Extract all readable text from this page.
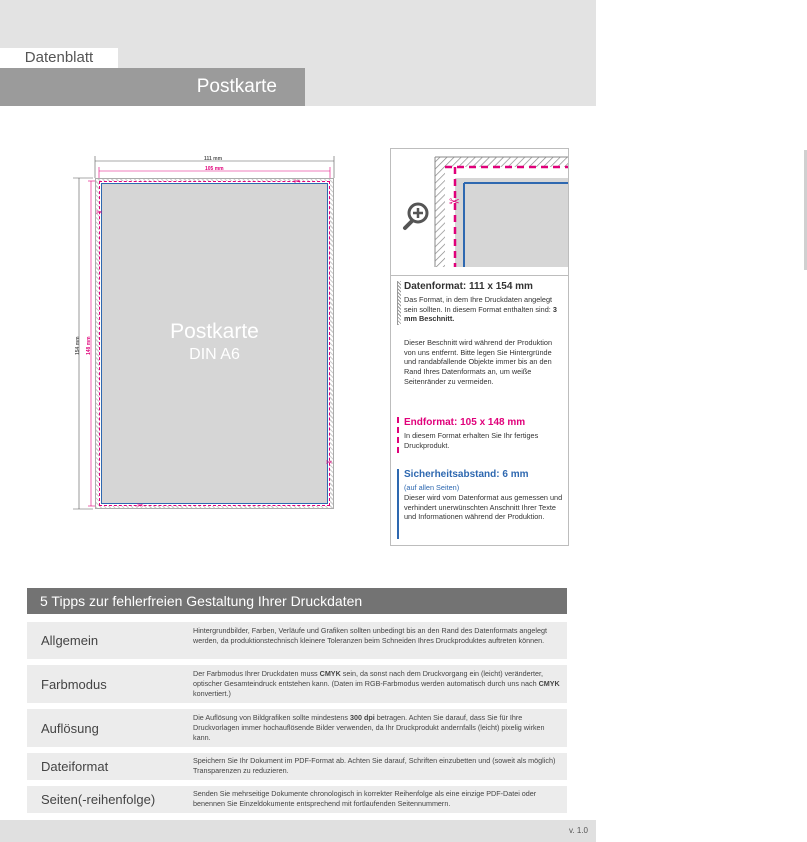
Datenblatt
Postkarte
111 mm
105 mm
154 mm 148 mm
Postkarte
DIN A6
✂
✂
✂
✂
✂
Datenformat: 111 x 154 mm
Das Format, in dem Ihre Druckdaten angelegt sein sollten. In diesem Format enthalten sind: 3 mm Beschnitt.
Dieser Beschnitt wird während der Produktion von uns entfernt. Bitte legen Sie Hintergründe und randabfallende Objekte immer bis an den Rand Ihres Datenformats an, um weiße Seitenränder zu vermeiden.
Endformat: 105 x 148 mm
In diesem Format erhalten Sie Ihr fertiges Druckprodukt.
Sicherheitsabstand: 6 mm
(auf allen Seiten)
Dieser wird vom Datenformat aus gemessen und verhindert unerwünschten Anschnitt Ihrer Texte und Informationen während der Produktion.
5 Tipps zur fehlerfreien Gestaltung Ihrer Druckdaten
Allgemein
Hintergrundbilder, Farben, Verläufe und Grafiken sollten unbedingt bis an den Rand des Datenformats angelegt werden, da produktionstechnisch kleinere Toleranzen beim Schneiden Ihres Druckproduktes auftreten können.
Farbmodus
Der Farbmodus Ihrer Druckdaten muss CMYK sein, da sonst nach dem Druckvorgang ein (leicht) veränderter, optischer Gesamteindruck entstehen kann. (Daten im RGB-Farbmodus werden automatisch durch uns nach CMYK konvertiert.)
Auflösung
Die Auflösung von Bildgrafiken sollte mindestens 300 dpi betragen. Achten Sie darauf, dass Sie für Ihre Druckvorlagen immer hochauflösende Bilder verwenden, da Ihr Druckprodukt andernfalls (leicht) pixelig wirken kann.
Dateiformat	Speichern Sie Ihr Dokument im PDF-Format ab. Achten Sie darauf, Schriften einzubetten und (soweit als möglich) Transparenzen zu reduzieren.
Seiten(-reihenfolge)	Senden Sie mehrseitige Dokumente chronologisch in korrekter Reihenfolge als eine einzige PDF-Datei oder benennen Sie Einzeldokumente entsprechend mit fortlaufenden Seitennummern.
v. 1.0
